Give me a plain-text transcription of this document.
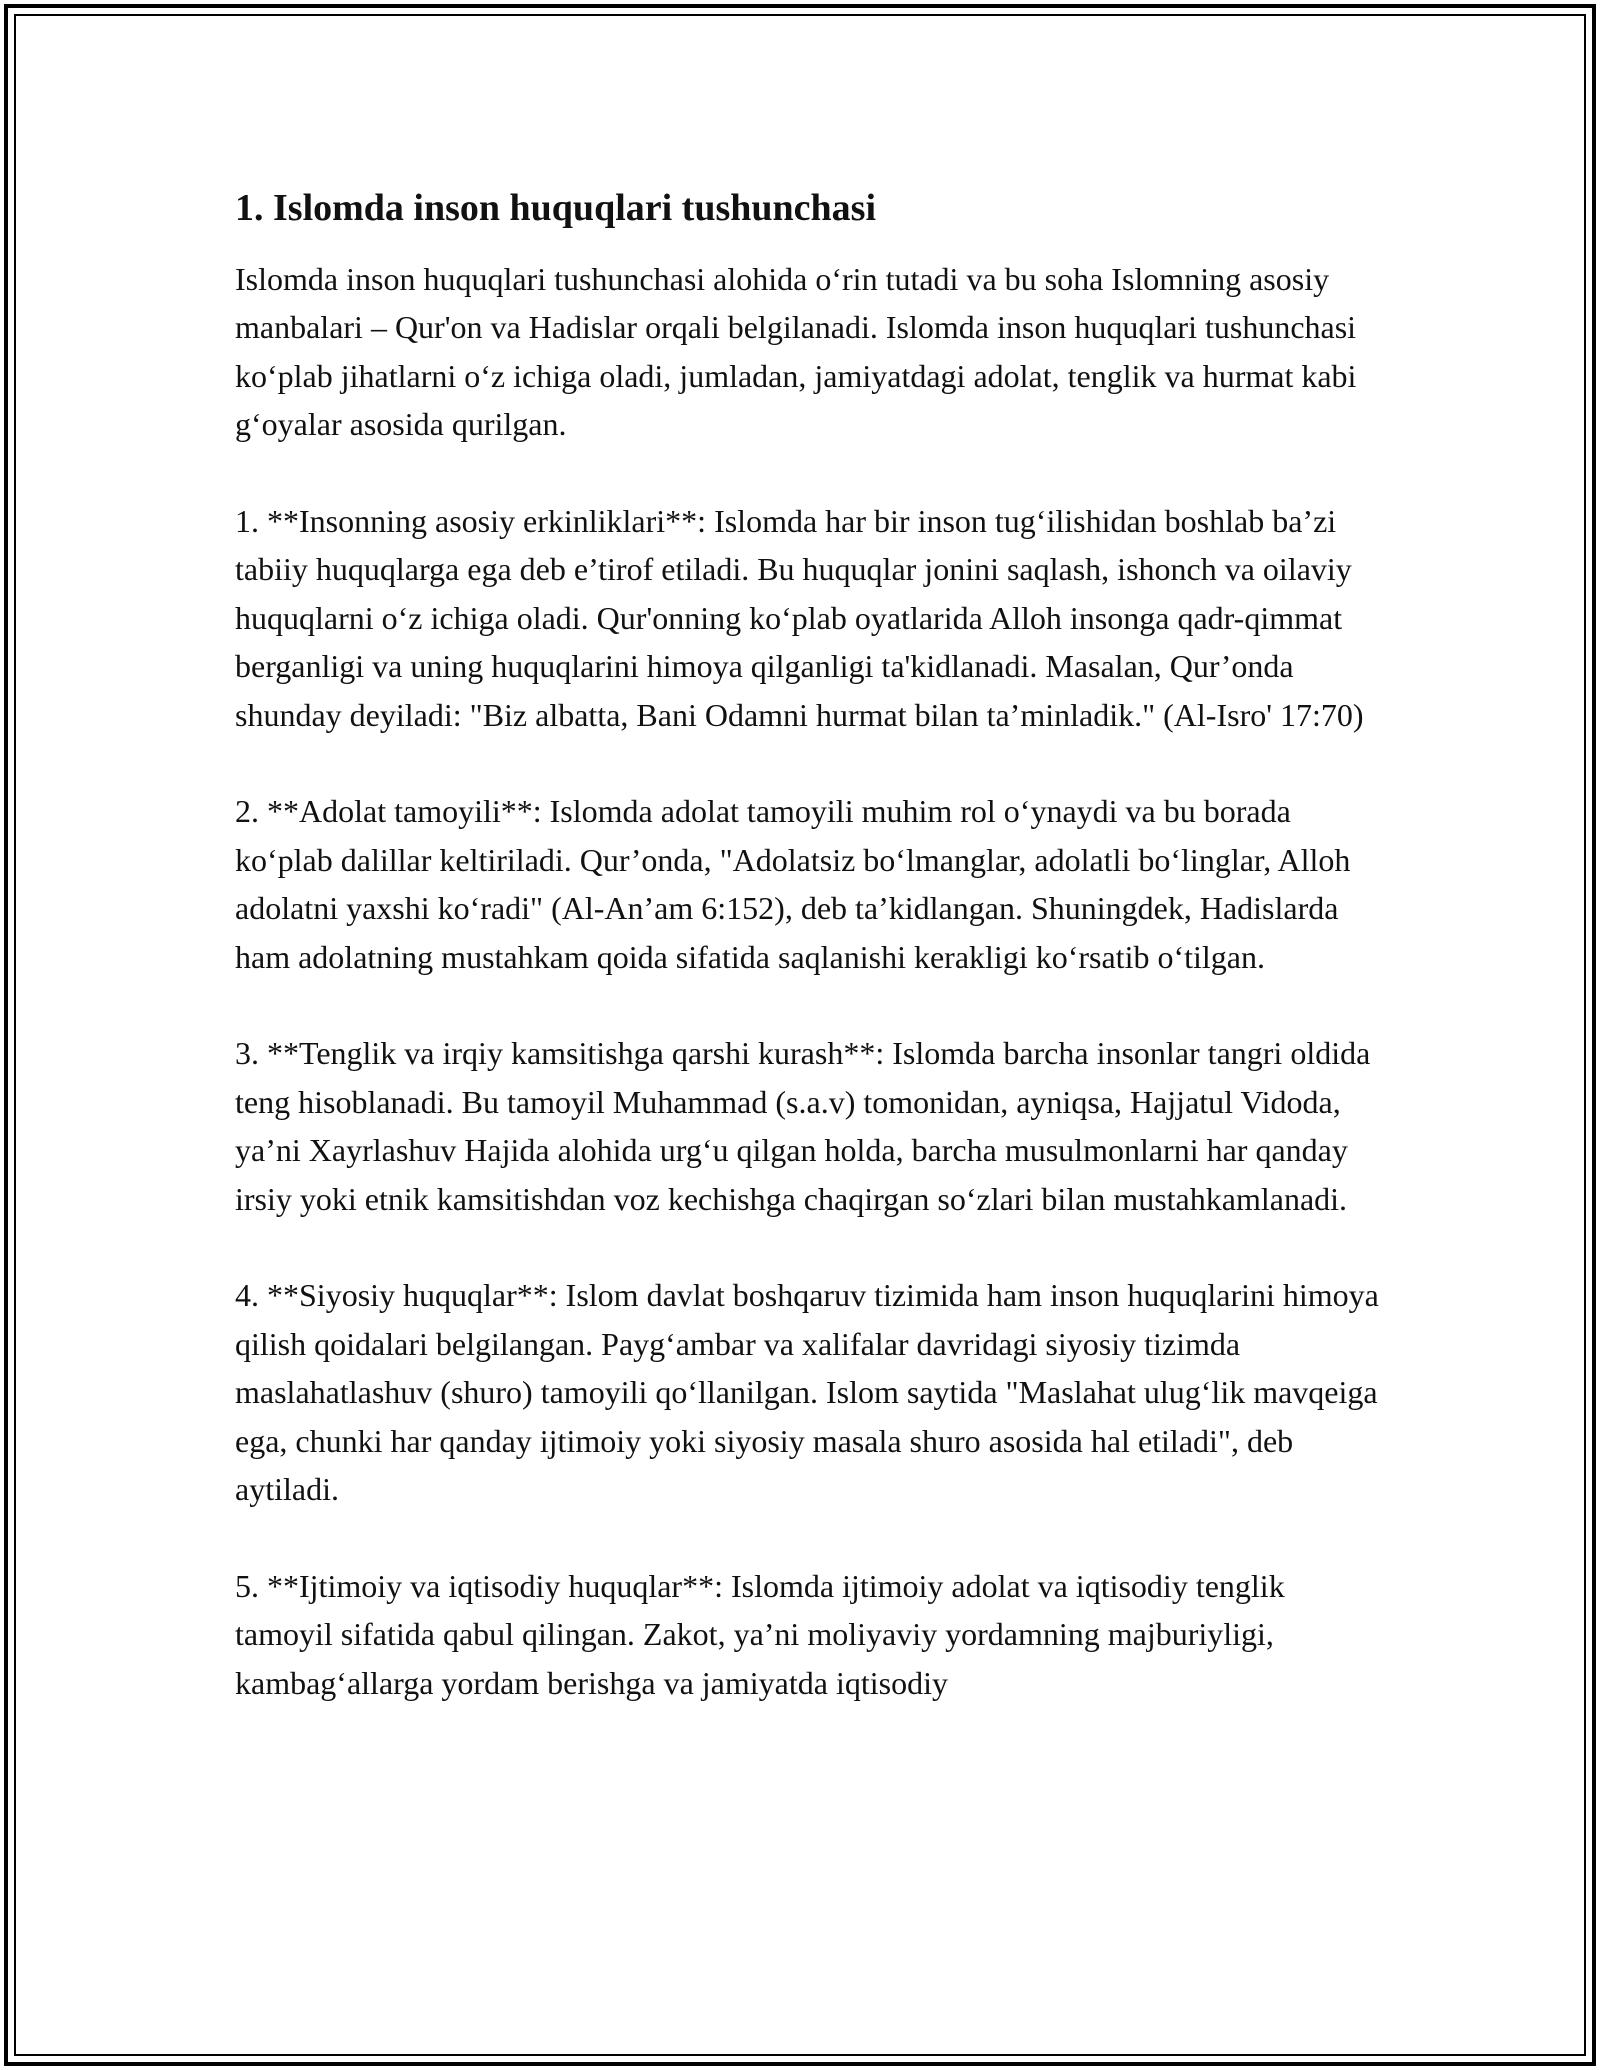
1. Islomda inson huquqlari tushunchasi

Islomda inson huquqlari tushunchasi alohida o‘rin tutadi va bu soha Islomning asosiy manbalari – Qur'on va Hadislar orqali belgilanadi. Islomda inson huquqlari tushunchasi ko‘plab jihatlarni o‘z ichiga oladi, jumladan, jamiyatdagi adolat, tenglik va hurmat kabi g‘oyalar asosida qurilgan.

1. **Insonning asosiy erkinliklari**: Islomda har bir inson tug‘ilishidan boshlab ba’zi tabiiy huquqlarga ega deb e’tirof etiladi. Bu huquqlar jonini saqlash, ishonch va oilaviy huquqlarni o‘z ichiga oladi. Qur'onning ko‘plab oyatlarida Alloh insonga qadr-qimmat berganligi va uning huquqlarini himoya qilganligi ta'kidlanadi. Masalan, Qur’onda shunday deyiladi: "Biz albatta, Bani Odamni hurmat bilan ta’minladik." (Al-Isro' 17:70)

2. **Adolat tamoyili**: Islomda adolat tamoyili muhim rol o‘ynaydi va bu borada ko‘plab dalillar keltiriladi. Qur’onda, "Adolatsiz bo‘lmanglar, adolatli bo‘linglar, Alloh adolatni yaxshi ko‘radi" (Al-An’am 6:152), deb ta’kidlangan. Shuningdek, Hadislarda ham adolatning mustahkam qoida sifatida saqlanishi kerakligi ko‘rsatib o‘tilgan.

3. **Tenglik va irqiy kamsitishga qarshi kurash**: Islomda barcha insonlar tangri oldida teng hisoblanadi. Bu tamoyil Muhammad (s.a.v) tomonidan, ayniqsa, Hajjatul Vidoda, ya’ni Xayrlashuv Hajida alohida urg‘u qilgan holda, barcha musulmonlarni har qanday irsiy yoki etnik kamsitishdan voz kechishga chaqirgan so‘zlari bilan mustahkamlanadi.

4. **Siyosiy huquqlar**: Islom davlat boshqaruv tizimida ham inson huquqlarini himoya qilish qoidalari belgilangan. Payg‘ambar va xalifalar davridagi siyosiy tizimda maslahatlashuv (shuro) tamoyili qo‘llanilgan. Islom saytida "Maslahat ulug‘lik mavqeiga ega, chunki har qanday ijtimoiy yoki siyosiy masala shuro asosida hal etiladi", deb aytiladi.

5. **Ijtimoiy va iqtisodiy huquqlar**: Islomda ijtimoiy adolat va iqtisodiy tenglik tamoyil sifatida qabul qilingan. Zakot, ya’ni moliyaviy yordamning majburiyligi, kambag‘allarga yordam berishga va jamiyatda iqtisodiy
